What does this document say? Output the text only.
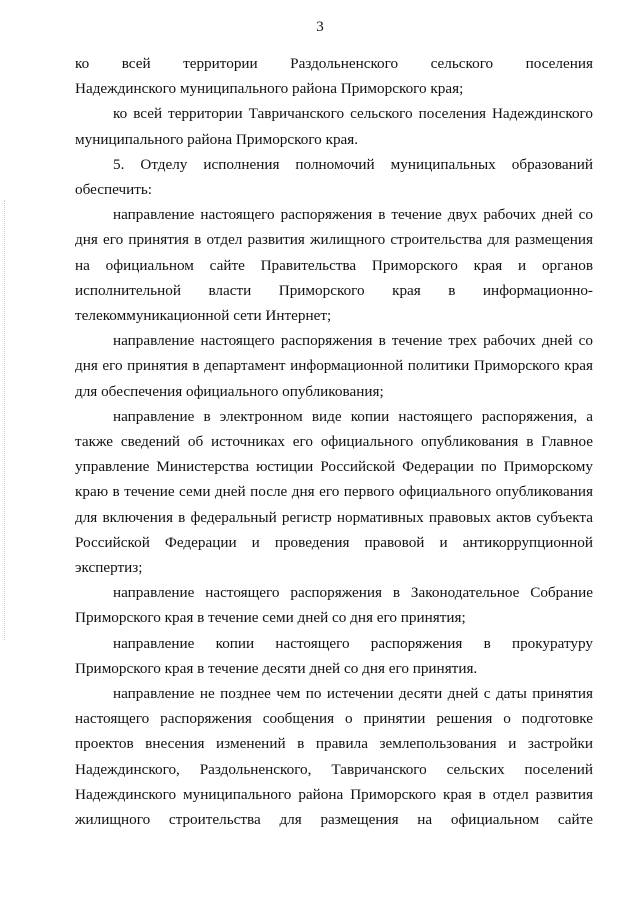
3
ко всей территории Раздольненского сельского поселения
Надеждинского муниципального района Приморского края;
ко всей территории Тавричанского сельского поселения Надеждинского
муниципального района Приморского края.
5. Отделу исполнения полномочий муниципальных образований
обеспечить:
направление настоящего распоряжения в течение двух рабочих дней со
дня его принятия в отдел развития жилищного строительства для размещения
на официальном сайте Правительства Приморского края и органов
исполнительной власти Приморского края в информационно-
телекоммуникационной сети Интернет;
направление настоящего распоряжения в течение трех рабочих дней со
дня его принятия в департамент информационной политики Приморского края
для обеспечения официального опубликования;
направление в электронном виде копии настоящего распоряжения, а
также сведений об источниках его официального опубликования в Главное
управление Министерства юстиции Российской Федерации по Приморскому
краю в течение семи дней после дня его первого официального опубликования
для включения в федеральный регистр нормативных правовых актов субъекта
Российской Федерации и проведения правовой и антикоррупционной
экспертиз;
направление настоящего распоряжения в Законодательное Собрание
Приморского края в течение семи дней со дня его принятия;
направление копии настоящего распоряжения в прокуратуру
Приморского края в течение десяти дней со дня его принятия.
направление не позднее чем по истечении десяти дней с даты принятия
настоящего распоряжения сообщения о принятии решения о подготовке
проектов внесения изменений в правила землепользования и застройки
Надеждинского, Раздольненского, Тавричанского сельских поселений
Надеждинского муниципального района Приморского края в отдел развития
жилищного строительства для размещения на официальном сайте
